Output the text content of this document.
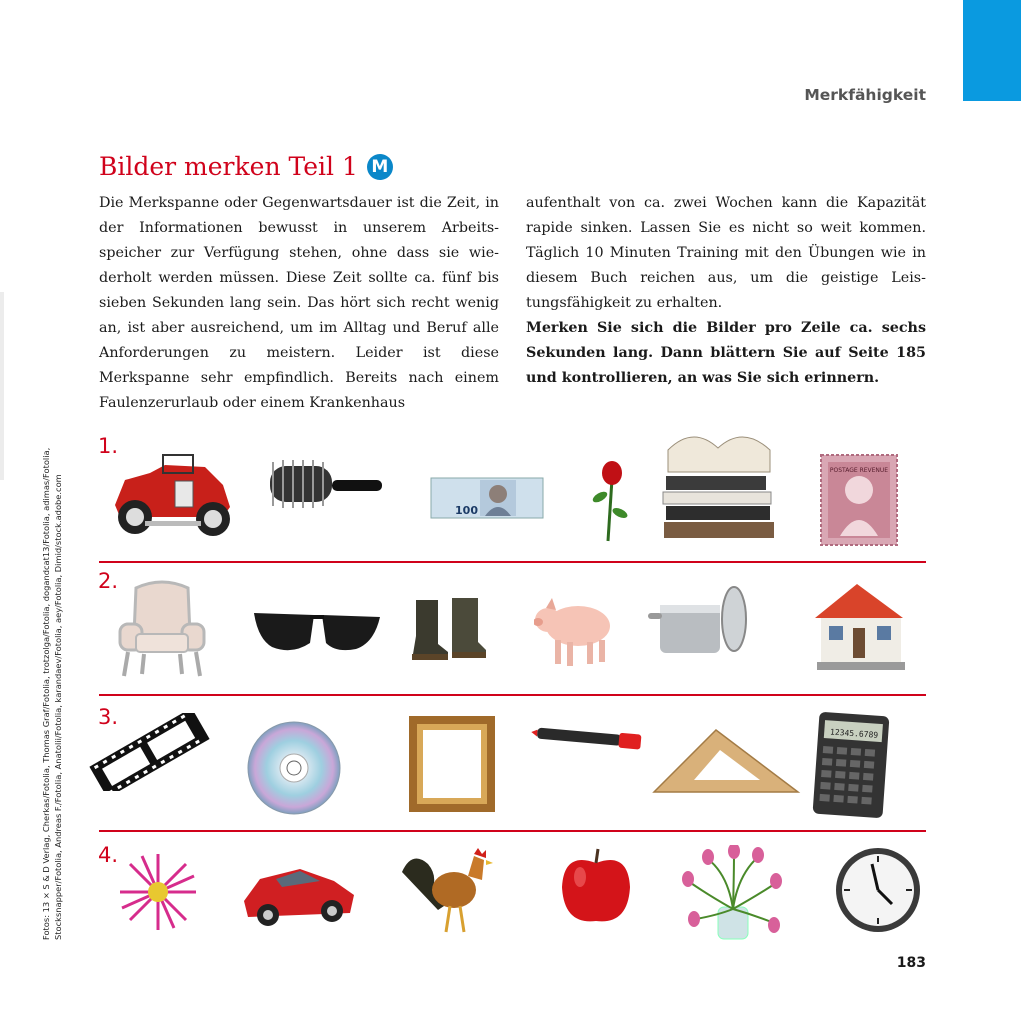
Merkfähigkeit
Fotos: 13 × S & D Verlag, Cherkas/Fotolia, Thomas Graf/Fotolia, trotzolga/Fotolia, dogandcat13/Fotolia, adimas/Fotolia, Stocksnapper/Fotolia, Andreas F./Fotolia, Anatolii/Fotolia, karandaev/Fotolia, aey/Fotolia, Dimid/stock.adobe.com
Bilder merken Teil 1 M

Die Merkspanne oder Gegenwartsdauer ist die Zeit, in der Informationen bewusst in unserem Arbeitsspeicher zur Verfügung stehen, ohne dass sie wiederholt werden müssen. Diese Zeit sollte ca. fünf bis sieben Sekunden lang sein. Das hört sich recht wenig an, ist aber ausreichend, um im Alltag und Beruf alle Anforderungen zu meistern. Leider ist diese Merkspanne sehr empfindlich. Bereits nach einem Faulenzerurlaub oder einem Krankenhaus

aufenthalt von ca. zwei Wochen kann die Kapazität rapide sinken. Lassen Sie es nicht so weit kommen. Täglich 10 Minuten Training mit den Übungen wie in diesem Buch reichen aus, um die geistige Leistungsfähigkeit zu erhalten.

Merken Sie sich die Bilder pro Zeile ca. sechs Sekunden lang. Dann blättern Sie auf Seite 185 und kontrollieren, an was Sie sich erinnern.

1.
2.
3.
4.
100
POSTAGE REVENUE
12345.6789
183
